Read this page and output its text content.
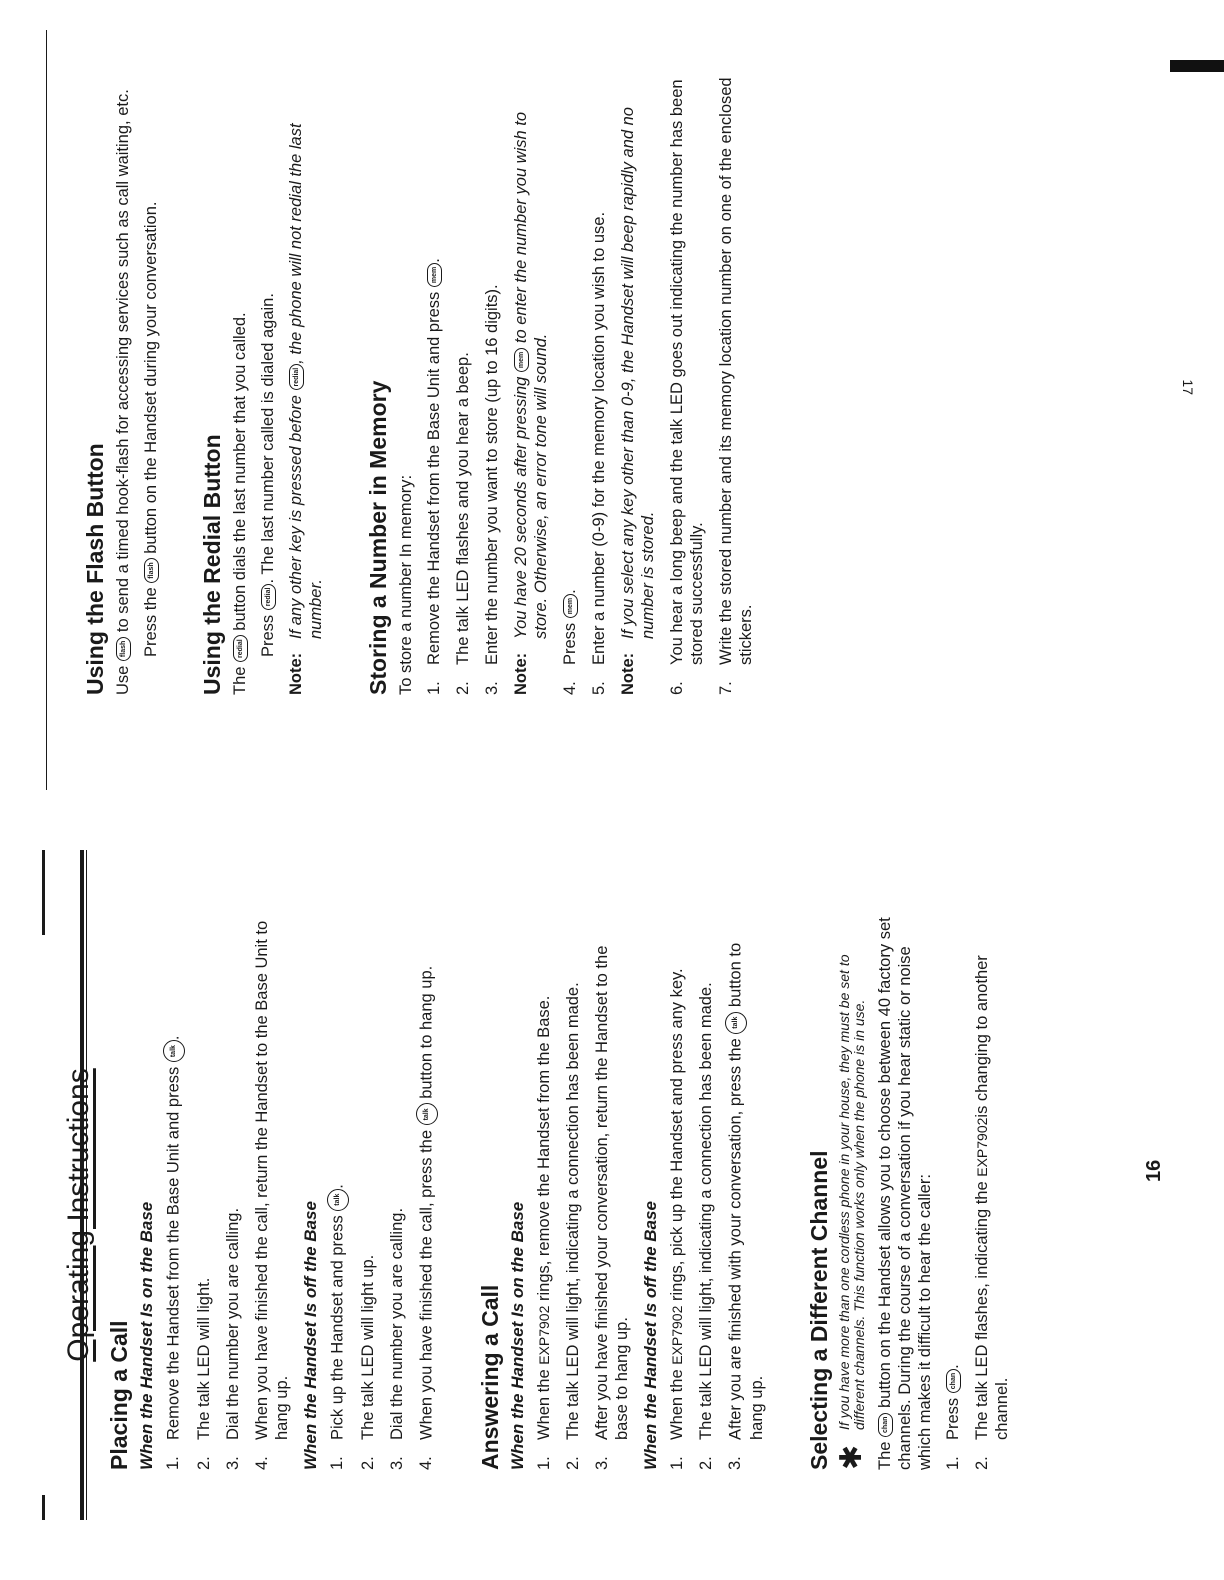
Operating Instructions
Placing a Call When the Handset Is on the Base 1.
Remove the Handset from the Base Unit and press talk.
2.
The talk LED will light.
3.
Dial the number you are calling.
4.
When you have finished the call, return the Handset to the Base Unit to hang up. When the Handset Is off the Base 1.
Pick up the Handset and press talk.
2.
The talk LED will light up.
3.
Dial the number you are calling.
4.
When you have finished the call, press the talk button to hang up.
Answering a Call When the Handset Is on the Base 1.
When the EXP7902 rings, remove the Handset from the Base.
2.
The talk LED will light, indicating a connection has been made.
3.
After you have finished your conversation, return the Handset to the base to hang up. When the Handset Is off the Base 1.
When the EXP7902 rings, pick up the Handset and press any key.
2.
The talk LED will light, indicating a connection has been made.
3.
After you are finished with your conversation, press the talk button to hang up. Selecting a Different Channel ✱
If you have more than one cordless phone in your house, they must be set to different channels. This function works only when the phone is in use.

The chan button on the Handset allows you to choose between 40 factory set channels. During the course of a conversation if you hear static or noise which makes it difficult to hear the caller: 1.
Press chan.
2.
The talk LED flashes, indicating the EXP7902is changing to another channel.
16
Using the Flash Button Use flash to send a timed hook-flash for accessing services such as call waiting, etc. Press the flash button on the Handset during your conversation.

Using the Redial Button The redial button dials the last number that you called.

Press redial. The last number called is dialed again.

Note:
If any other key is pressed before redial, the phone will not redial the last number. Storing a Number in Memory To store a number In memory: 1.
Remove the Handset from the Base Unit and press mem.
2.
The talk LED flashes and you hear a beep.
3.
Enter the number you want to store (up to 16 digits).
Note:
You have 20 seconds after pressing mem to enter the number you wish to store. Otherwise, an error tone will sound.
4.
Press mem.
5.
Enter a number (0-9) for the memory location you wish to use.
Note:
If you select any key other than 0-9, the Handset will beep rapidly and no number is stored.
6.
You hear a long beep and the talk LED goes out indicating the number has been stored successfully.
7.
Write the stored number and its memory location number on one of the enclosed stickers.
17
